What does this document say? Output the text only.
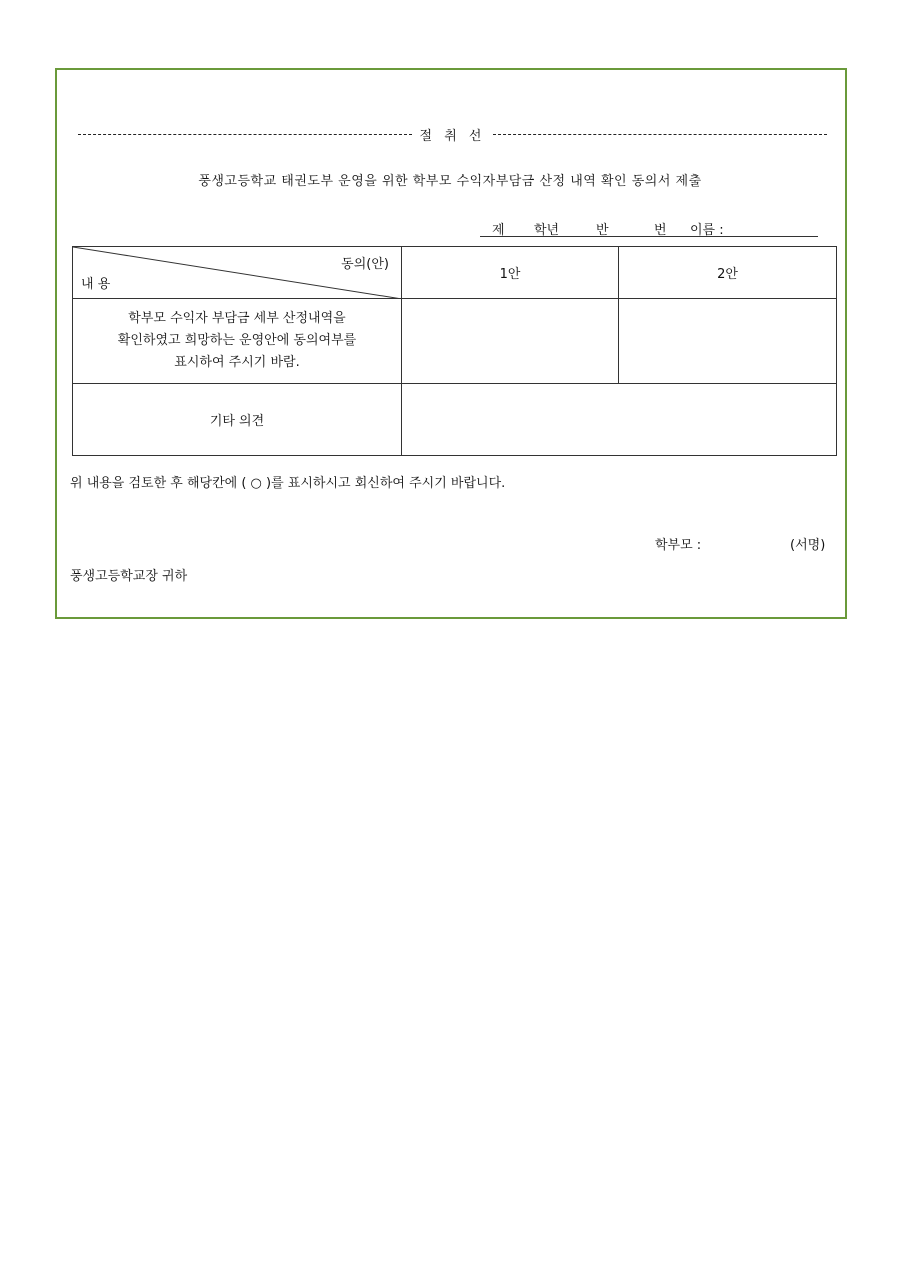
절 취 선
풍생고등학교 태권도부 운영을 위한 학부모 수익자부담금 산정 내역 확인 동의서 제출
제 학년	반	번 이름 :
동의(안)
내 용	1안	2안
학부모 수익자 부담금 세부 산정내역을
확인하였고 희망하는 운영안에 동의여부를
표시하여 주시기 바람.		
기타 의견		
위 내용을 검토한 후 해당칸에 ( ○ )를 표시하시고 회신하여 주시기 바랍니다.
학부모 :	(서명)
풍생고등학교장 귀하
